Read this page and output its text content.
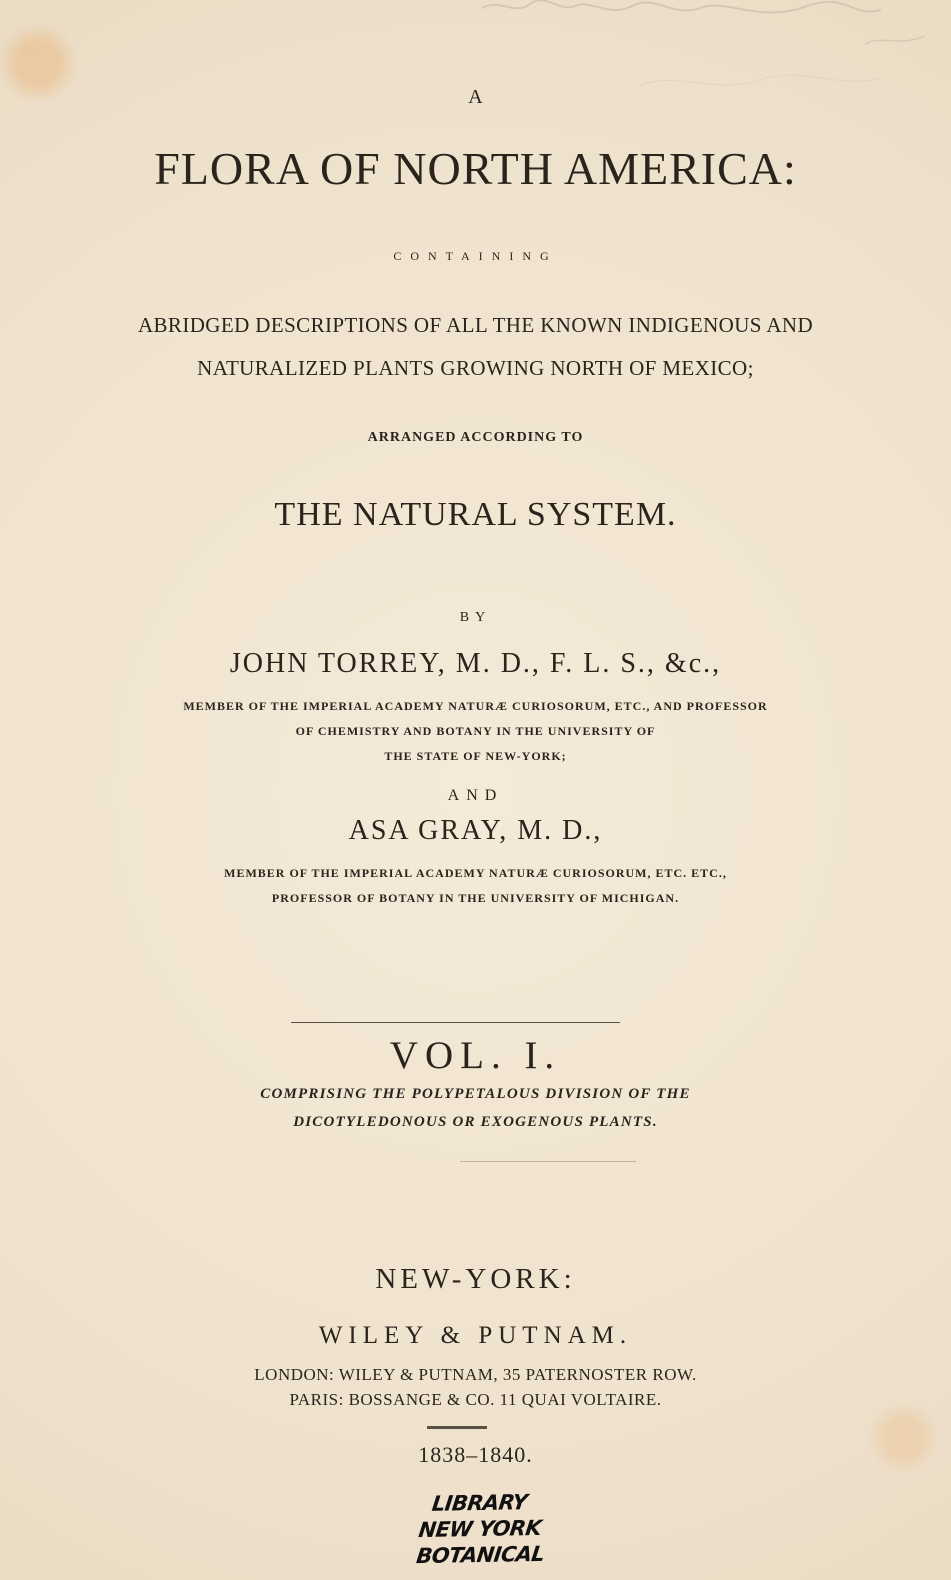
A
FLORA OF NORTH AMERICA:
CONTAINING
ABRIDGED DESCRIPTIONS OF ALL THE KNOWN INDIGENOUS AND
NATURALIZED PLANTS GROWING NORTH OF MEXICO;
ARRANGED ACCORDING TO
THE NATURAL SYSTEM.
BY
JOHN TORREY, M. D., F. L. S., &c.,
MEMBER OF THE IMPERIAL ACADEMY NATURÆ CURIOSORUM, ETC., AND PROFESSOR
OF CHEMISTRY AND BOTANY IN THE UNIVERSITY OF
THE STATE OF NEW-YORK;
AND
ASA GRAY, M. D.,
MEMBER OF THE IMPERIAL ACADEMY NATURÆ CURIOSORUM, ETC. ETC.,
PROFESSOR OF BOTANY IN THE UNIVERSITY OF MICHIGAN.
VOL. I.
COMPRISING THE POLYPETALOUS DIVISION OF THE
DICOTYLEDONOUS OR EXOGENOUS PLANTS.
NEW-YORK:
WILEY & PUTNAM.
LONDON: WILEY & PUTNAM, 35 PATERNOSTER ROW.
PARIS: BOSSANGE & CO. 11 QUAI VOLTAIRE.
1838–1840.
LIBRARY
NEW YORK
BOTANICAL
